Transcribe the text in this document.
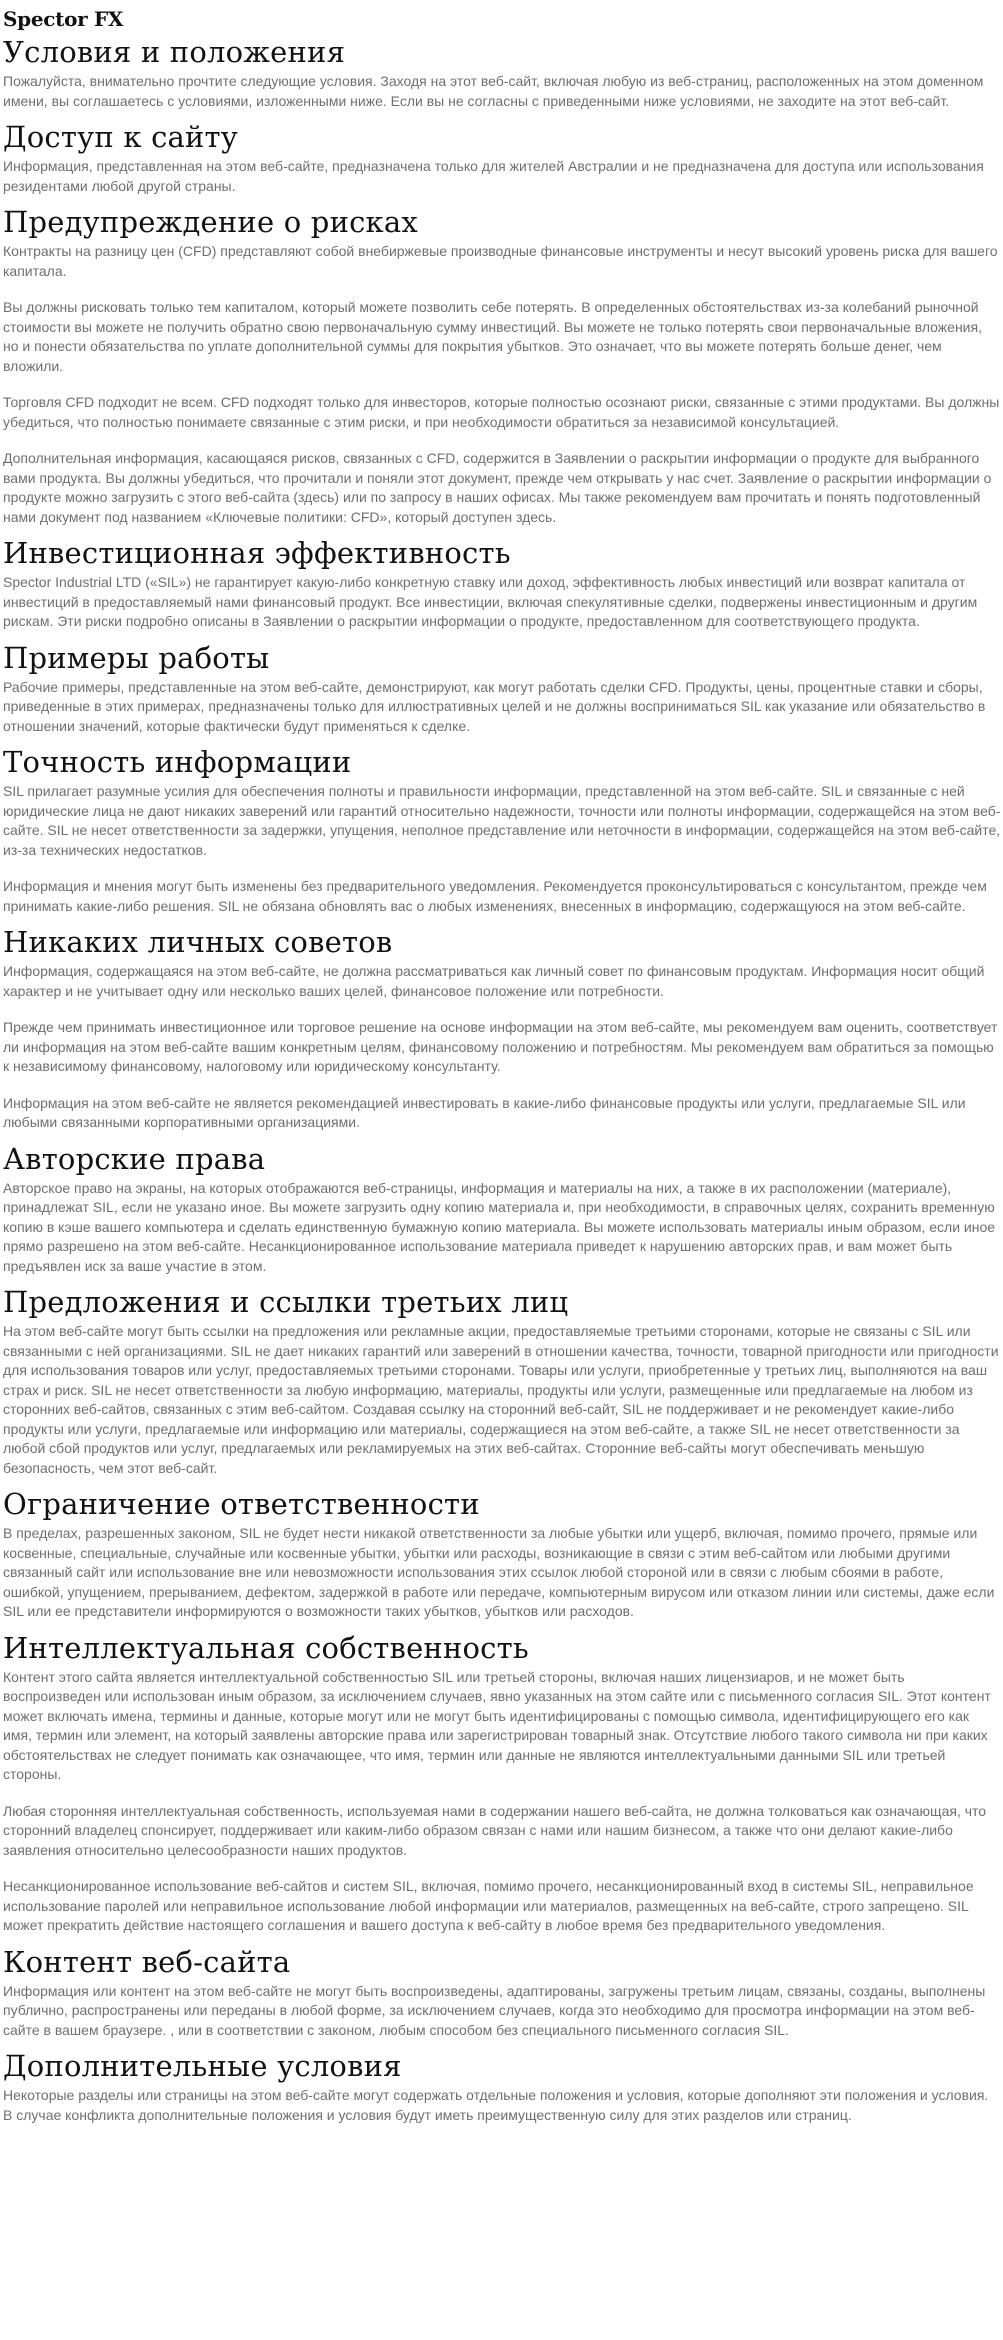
Spector FX
Условия и положения

Пожалуйста, внимательно прочтите следующие условия. Заходя на этот веб-сайт, включая любую из веб-страниц, расположенных на этом доменном имени, вы соглашаетесь с условиями, изложенными ниже. Если вы не согласны с приведенными ниже условиями, не заходите на этот веб-сайт.

Доступ к сайту

Информация, представленная на этом веб-сайте, предназначена только для жителей Австралии и не предназначена для доступа или использования резидентами любой другой страны.

Предупреждение о рисках

Контракты на разницу цен (CFD) представляют собой внебиржевые производные финансовые инструменты и несут высокий уровень риска для вашего капитала.

Вы должны рисковать только тем капиталом, который можете позволить себе потерять. В определенных обстоятельствах из-за колебаний рыночной стоимости вы можете не получить обратно свою первоначальную сумму инвестиций. Вы можете не только потерять свои первоначальные вложения, но и понести обязательства по уплате дополнительной суммы для покрытия убытков. Это означает, что вы можете потерять больше денег, чем вложили.

Торговля CFD подходит не всем. CFD подходят только для инвесторов, которые полностью осознают риски, связанные с этими продуктами. Вы должны убедиться, что полностью понимаете связанные с этим риски, и при необходимости обратиться за независимой консультацией.

Дополнительная информация, касающаяся рисков, связанных с CFD, содержится в Заявлении о раскрытии информации о продукте для выбранного вами продукта. Вы должны убедиться, что прочитали и поняли этот документ, прежде чем открывать у нас счет. Заявление о раскрытии информации о продукте можно загрузить с этого веб-сайта (здесь) или по запросу в наших офисах. Мы также рекомендуем вам прочитать и понять подготовленный нами документ под названием «Ключевые политики: CFD», который доступен здесь.

Инвестиционная эффективность

Spector Industrial LTD («SIL») не гарантирует какую-либо конкретную ставку или доход, эффективность любых инвестиций или возврат капитала от инвестиций в предоставляемый нами финансовый продукт. Все инвестиции, включая спекулятивные сделки, подвержены инвестиционным и другим рискам. Эти риски подробно описаны в Заявлении о раскрытии информации о продукте, предоставленном для соответствующего продукта.

Примеры работы

Рабочие примеры, представленные на этом веб-сайте, демонстрируют, как могут работать сделки CFD. Продукты, цены, процентные ставки и сборы, приведенные в этих примерах, предназначены только для иллюстративных целей и не должны восприниматься SIL как указание или обязательство в отношении значений, которые фактически будут применяться к сделке.

Точность информации

SIL прилагает разумные усилия для обеспечения полноты и правильности информации, представленной на этом веб-сайте. SIL и связанные с ней юридические лица не дают никаких заверений или гарантий относительно надежности, точности или полноты информации, содержащейся на этом веб-сайте. SIL не несет ответственности за задержки, упущения, неполное представление или неточности в информации, содержащейся на этом веб-сайте, из-за технических недостатков.

Информация и мнения могут быть изменены без предварительного уведомления. Рекомендуется проконсультироваться с консультантом, прежде чем принимать какие-либо решения. SIL не обязана обновлять вас о любых изменениях, внесенных в информацию, содержащуюся на этом веб-сайте.

Никаких личных советов

Информация, содержащаяся на этом веб-сайте, не должна рассматриваться как личный совет по финансовым продуктам. Информация носит общий характер и не учитывает одну или несколько ваших целей, финансовое положение или потребности.

Прежде чем принимать инвестиционное или торговое решение на основе информации на этом веб-сайте, мы рекомендуем вам оценить, соответствует ли информация на этом веб-сайте вашим конкретным целям, финансовому положению и потребностям. Мы рекомендуем вам обратиться за помощью к независимому финансовому, налоговому или юридическому консультанту.

Информация на этом веб-сайте не является рекомендацией инвестировать в какие-либо финансовые продукты или услуги, предлагаемые SIL или любыми связанными корпоративными организациями.

Авторские права

Авторское право на экраны, на которых отображаются веб-страницы, информация и материалы на них, а также в их расположении (материале), принадлежат SIL, если не указано иное. Вы можете загрузить одну копию материала и, при необходимости, в справочных целях, сохранить временную копию в кэше вашего компьютера и сделать единственную бумажную копию материала. Вы можете использовать материалы иным образом, если иное прямо разрешено на этом веб-сайте. Несанкционированное использование материала приведет к нарушению авторских прав, и вам может быть предъявлен иск за ваше участие в этом.

Предложения и ссылки третьих лиц

На этом веб-сайте могут быть ссылки на предложения или рекламные акции, предоставляемые третьими сторонами, которые не связаны с SIL или связанными с ней организациями. SIL не дает никаких гарантий или заверений в отношении качества, точности, товарной пригодности или пригодности для использования товаров или услуг, предоставляемых третьими сторонами. Товары или услуги, приобретенные у третьих лиц, выполняются на ваш страх и риск. SIL не несет ответственности за любую информацию, материалы, продукты или услуги, размещенные или предлагаемые на любом из сторонних веб-сайтов, связанных с этим веб-сайтом. Создавая ссылку на сторонний веб-сайт, SIL не поддерживает и не рекомендует какие-либо продукты или услуги, предлагаемые или информацию или материалы, содержащиеся на этом веб-сайте, а также SIL не несет ответственности за любой сбой продуктов или услуг, предлагаемых или рекламируемых на этих веб-сайтах. Сторонние веб-сайты могут обеспечивать меньшую безопасность, чем этот веб-сайт.

Ограничение ответственности

В пределах, разрешенных законом, SIL не будет нести никакой ответственности за любые убытки или ущерб, включая, помимо прочего, прямые или косвенные, специальные, случайные или косвенные убытки, убытки или расходы, возникающие в связи с этим веб-сайтом или любыми другими связанный сайт или использование вне или невозможности использования этих ссылок любой стороной или в связи с любым сбоями в работе, ошибкой, упущением, прерыванием, дефектом, задержкой в работе или передаче, компьютерным вирусом или отказом линии или системы, даже если SIL или ее представители информируются о возможности таких убытков, убытков или расходов.

Интеллектуальная собственность

Контент этого сайта является интеллектуальной собственностью SIL или третьей стороны, включая наших лицензиаров, и не может быть воспроизведен или использован иным образом, за исключением случаев, явно указанных на этом сайте или с письменного согласия SIL. Этот контент может включать имена, термины и данные, которые могут или не могут быть идентифицированы с помощью символа, идентифицирующего его как имя, термин или элемент, на который заявлены авторские права или зарегистрирован товарный знак. Отсутствие любого такого символа ни при каких обстоятельствах не следует понимать как означающее, что имя, термин или данные не являются интеллектуальными данными SIL или третьей стороны.

Любая сторонняя интеллектуальная собственность, используемая нами в содержании нашего веб-сайта, не должна толковаться как означающая, что сторонний владелец спонсирует, поддерживает или каким-либо образом связан с нами или нашим бизнесом, а также что они делают какие-либо заявления относительно целесообразности наших продуктов.

Несанкционированное использование веб-сайтов и систем SIL, включая, помимо прочего, несанкционированный вход в системы SIL, неправильное использование паролей или неправильное использование любой информации или материалов, размещенных на веб-сайте, строго запрещено. SIL может прекратить действие настоящего соглашения и вашего доступа к веб-сайту в любое время без предварительного уведомления.

Контент веб-сайта

Информация или контент на этом веб-сайте не могут быть воспроизведены, адаптированы, загружены третьим лицам, связаны, созданы, выполнены публично, распространены или переданы в любой форме, за исключением случаев, когда это необходимо для просмотра информации на этом веб-сайте в вашем браузере. , или в соответствии с законом, любым способом без специального письменного согласия SIL.

Дополнительные условия

Некоторые разделы или страницы на этом веб-сайте могут содержать отдельные положения и условия, которые дополняют эти положения и условия. В случае конфликта дополнительные положения и условия будут иметь преимущественную силу для этих разделов или страниц.
